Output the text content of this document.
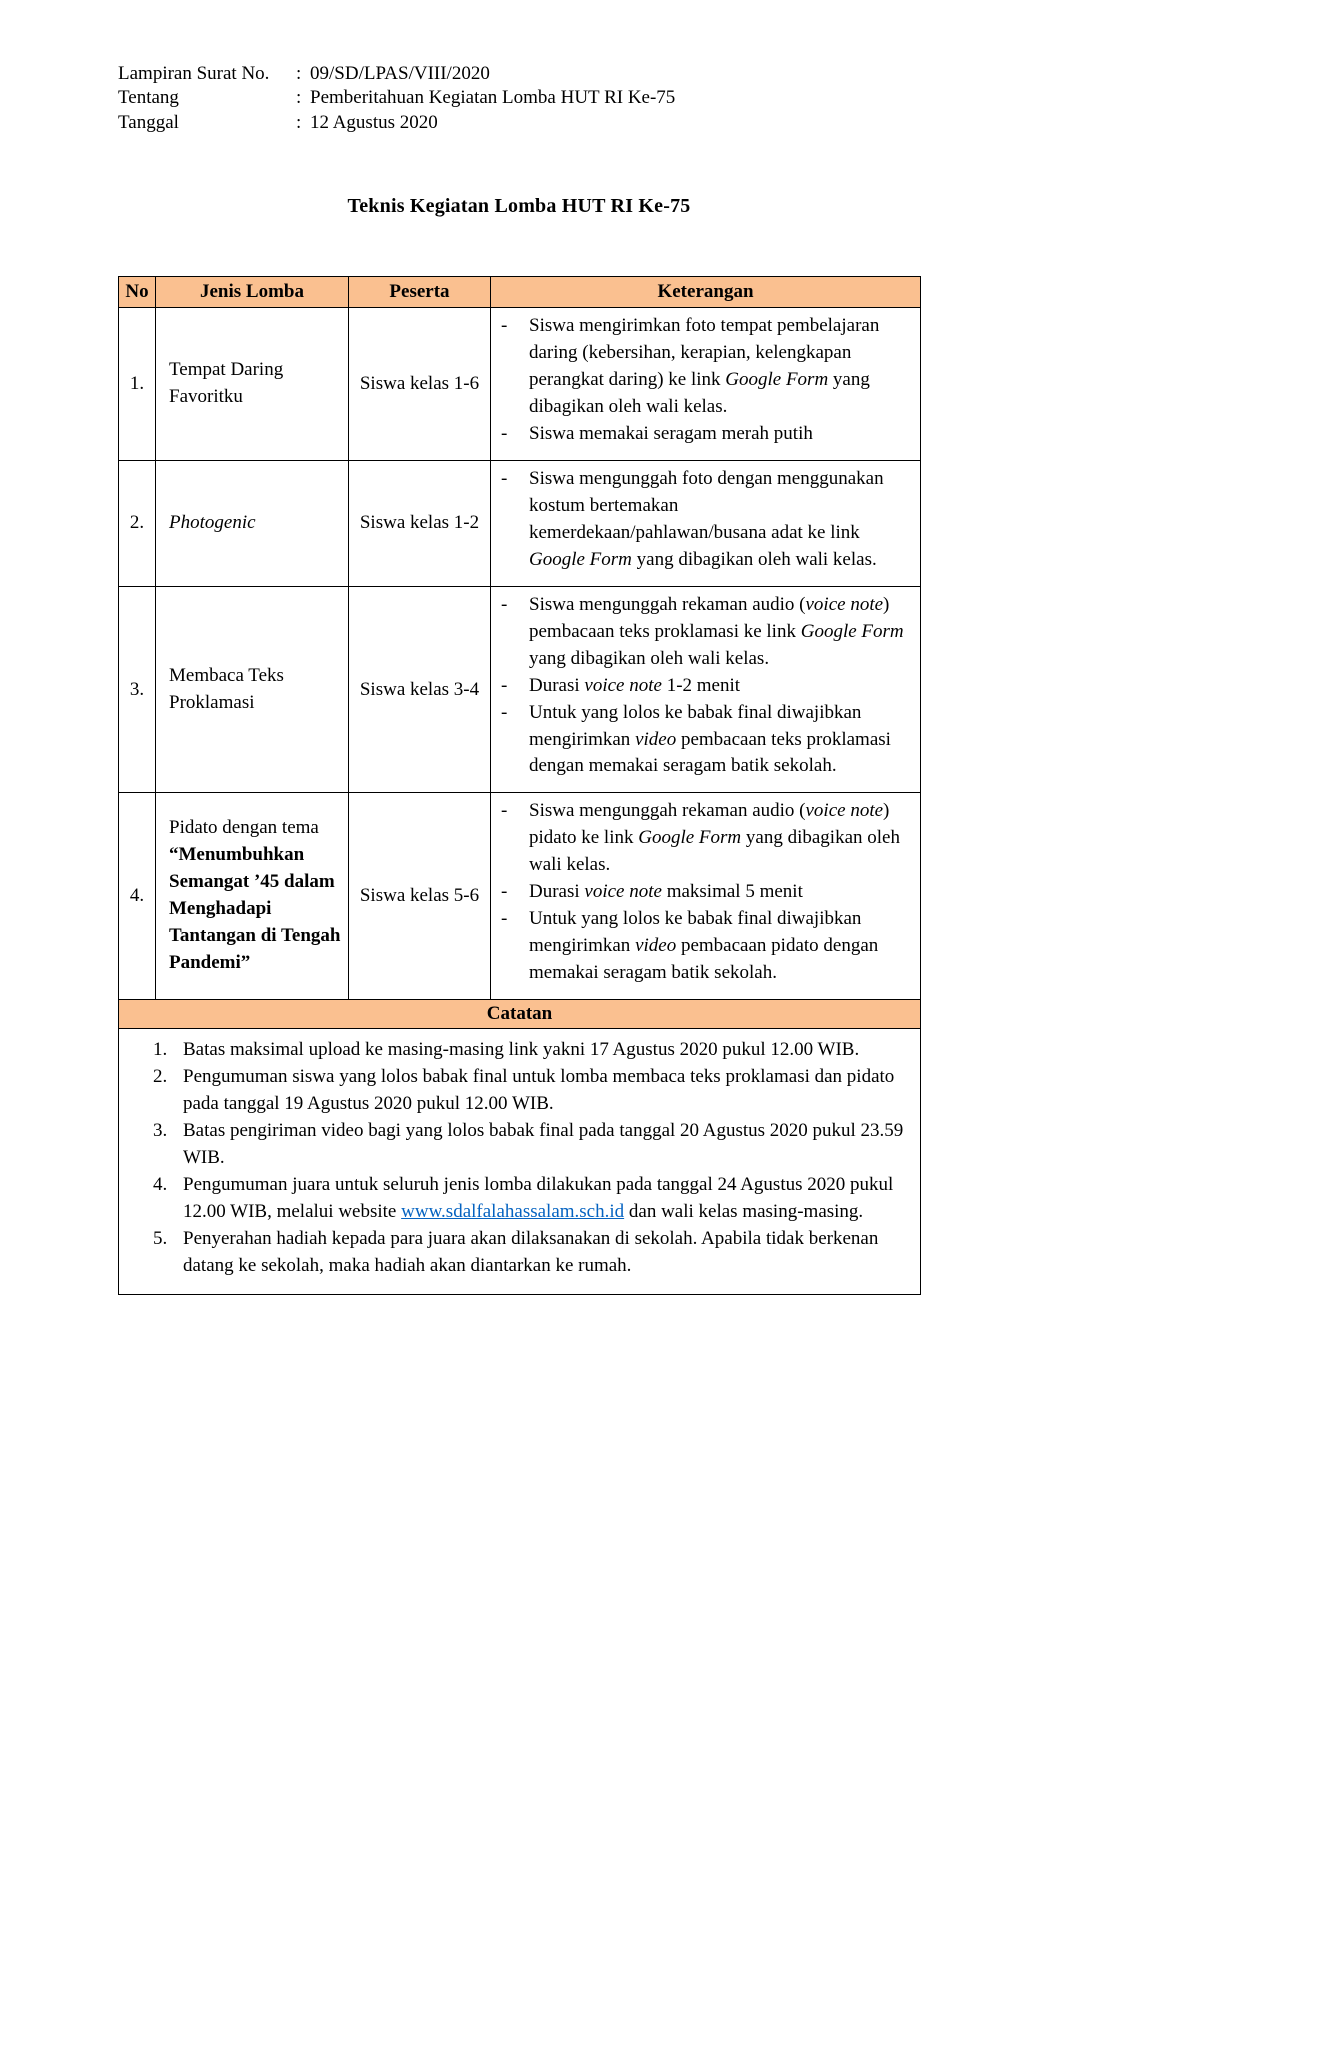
Lampiran Surat No.	: 09/SD/LPAS/VIII/2020
Tentang	: Pemberitahuan Kegiatan Lomba HUT RI Ke-75
Tanggal	: 12 Agustus 2020
Teknis Kegiatan Lomba HUT RI Ke-75
No	Jenis Lomba	Peserta	Keterangan
1.	Tempat Daring Favoritku	Siswa kelas 1-6	- Siswa mengirimkan foto tempat pembelajaran daring (kebersihan, kerapian, kelengkapan perangkat daring) ke link Google Form yang dibagikan oleh wali kelas.
- Siswa memakai seragam merah putih

2.	Photogenic	Siswa kelas 1-2	- Siswa mengunggah foto dengan menggunakan kostum bertemakan kemerdekaan/pahlawan/busana adat ke link Google Form yang dibagikan oleh wali kelas.

3.	Membaca Teks Proklamasi	Siswa kelas 3-4	
-	Siswa mengunggah rekaman audio (voice note) pembacaan teks proklamasi ke link Google Form yang dibagikan oleh wali kelas.
-	Durasi voice note 1-2 menit
-	Untuk yang lolos ke babak final diwajibkan mengirimkan video pembacaan teks proklamasi dengan memakai seragam batik sekolah.

4.	Pidato dengan tema “Menumbuhkan Semangat ’45 dalam Menghadapi Tantangan di Tengah Pandemi”	Siswa kelas 5-6	
-	Siswa mengunggah rekaman audio (voice note) pidato ke link Google Form yang dibagikan oleh wali kelas.
-	Durasi voice note maksimal 5 menit
-	Untuk yang lolos ke babak final diwajibkan mengirimkan video pembacaan pidato dengan memakai seragam batik sekolah.

Catatan			

1. Batas maksimal upload ke masing-masing link yakni 17 Agustus 2020 pukul 12.00 WIB.
2. Pengumuman siswa yang lolos babak final untuk lomba membaca teks proklamasi dan pidato pada tanggal 19 Agustus 2020 pukul 12.00 WIB.
3. Batas pengiriman video bagi yang lolos babak final pada tanggal 20 Agustus 2020 pukul 23.59 WIB.
4. Pengumuman juara untuk seluruh jenis lomba dilakukan pada tanggal 24 Agustus 2020 pukul 12.00 WIB, melalui website www.sdalfalahassalam.sch.id dan wali kelas masing-masing.
5. Penyerahan hadiah kepada para juara akan dilaksanakan di sekolah. Apabila tidak berkenan datang ke sekolah, maka hadiah akan diantarkan ke rumah.
